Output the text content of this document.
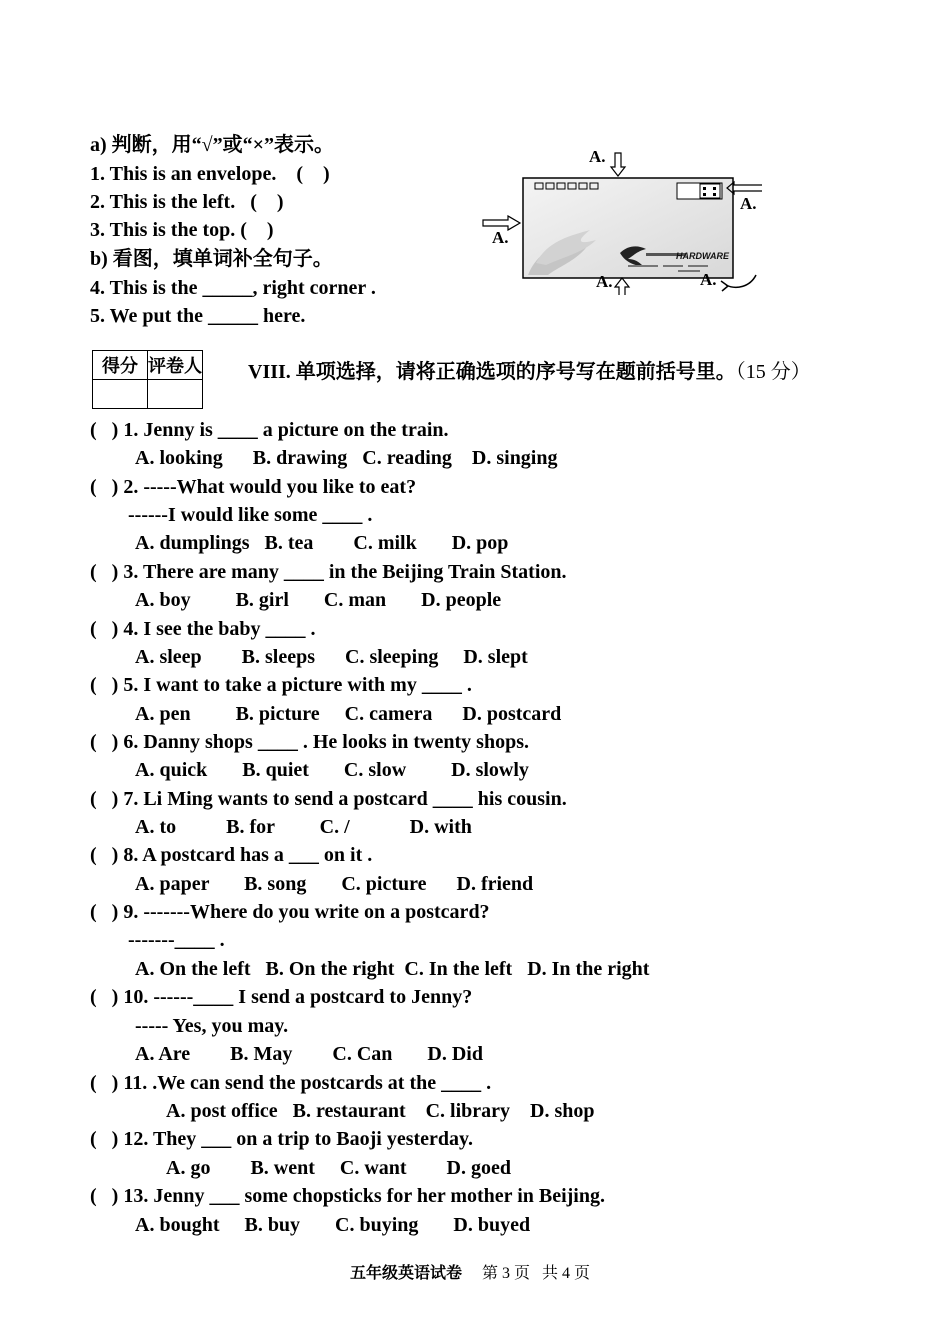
a) 判断，用“√”或“×”表示。
1. This is an envelope.    (    )
2. This is the left.   (    )
3. This is the top. (    )
b) 看图，填单词补全句子。
4. This is the _____, right corner .
5. We put the _____ here.
HARDWARE
A.
A.
A.
A.	A.
得分	评卷人
	VIII. 单项选择，请将正确选项的序号写在题前括号里。（15 分）
(   ) 1. Jenny is ____ a picture on the train.
A. looking      B. drawing   C. reading    D. singing
(   ) 2. -----What would you like to eat?
------I would like some ____ .
A. dumplings   B. tea        C. milk       D. pop
(   ) 3. There are many ____ in the Beijing Train Station.
A. boy         B. girl       C. man       D. people
(   ) 4. I see the baby ____ .
A. sleep        B. sleeps      C. sleeping     D. slept
(   ) 5. I want to take a picture with my ____ .
A. pen         B. picture     C. camera      D. postcard
(   ) 6. Danny shops ____ . He looks in twenty shops.
A. quick       B. quiet       C. slow         D. slowly
(   ) 7. Li Ming wants to send a postcard ____ his cousin.
A. to          B. for         C. /            D. with
(   ) 8. A postcard has a ___ on it .
A. paper       B. song       C. picture      D. friend
(   ) 9. -------Where do you write on a postcard?
-------____ .
A. On the left   B. On the right  C. In the left   D. In the right
(   ) 10. ------____ I send a postcard to Jenny?
----- Yes, you may.
A. Are        B. May        C. Can       D. Did
(   ) 11. .We can send the postcards at the ____ .
A. post office   B. restaurant    C. library    D. shop
(   ) 12. They ___ on a trip to Baoji yesterday.
A. go        B. went     C. want        D. goed
(   ) 13. Jenny ___ some chopsticks for her mother in Beijing.
A. bought     B. buy       C. buying       D. buyed
五年级英语试卷     第 3 页   共 4 页
